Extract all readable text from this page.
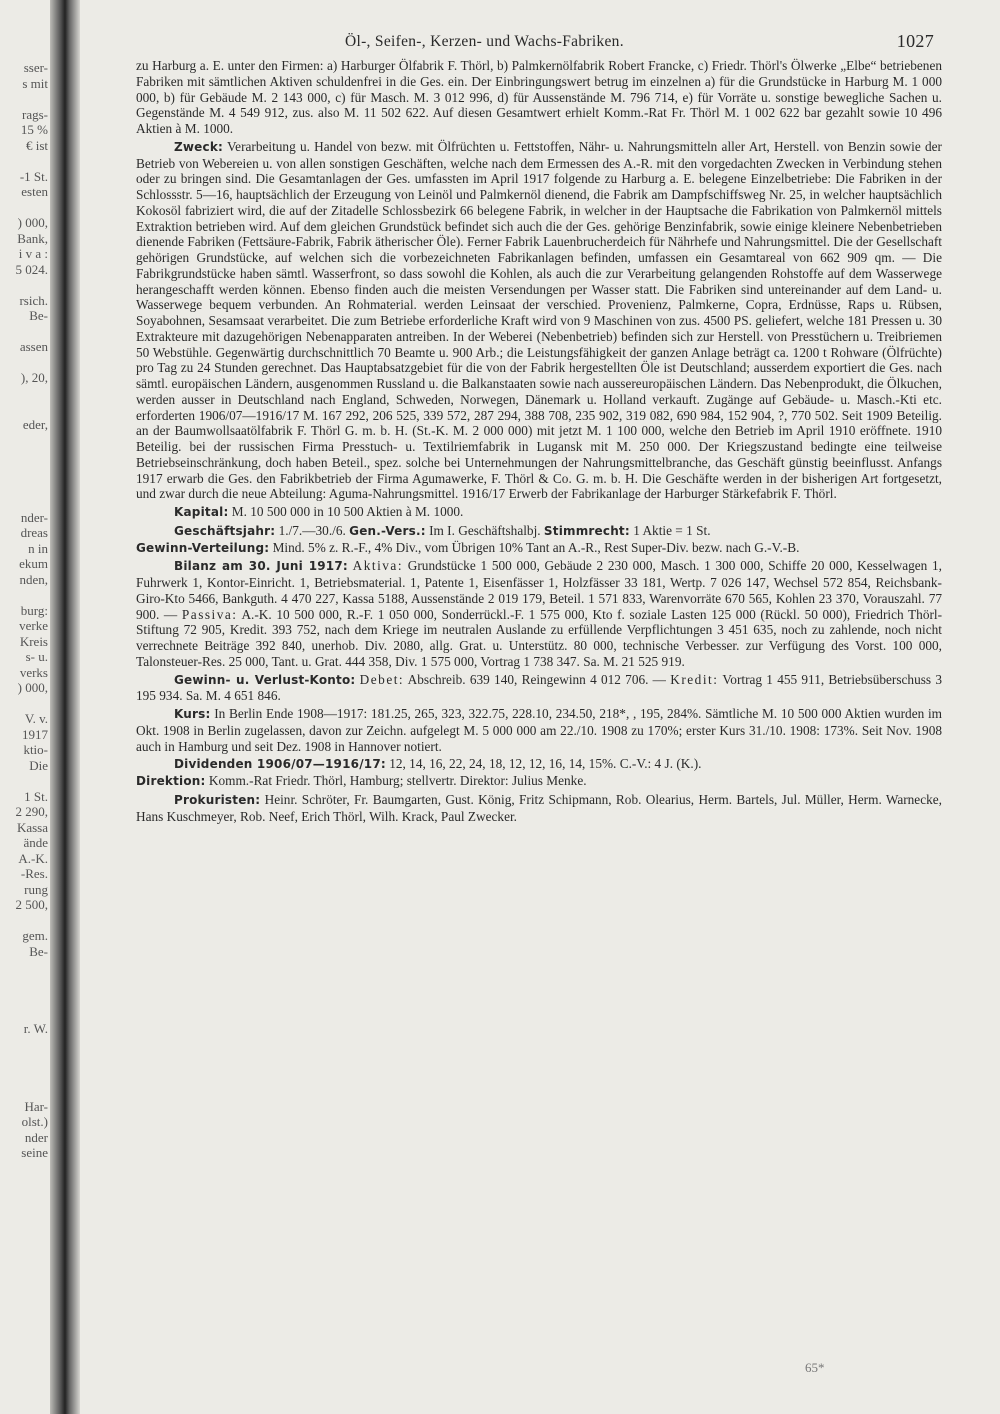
sser-
s mit

rags-
15 %
€ ist

-1 St.
esten

) 000,
Bank,
i v a :
5 024.

rsich.
Be-

assen

), 20,

eder,

nder-
dreas
n in
ekum
nden,

burg:
verke
Kreis
s- u.
verks
) 000,

V. v.
1917
ktio-
Die

1 St.
2 290,
Kassa
ände
A.-K.
-Res.
rung
2 500,

gem.
Be-

r. W.

Har-
olst.)
nder
seine
Öl-, Seifen-, Kerzen- und Wachs-Fabriken.	1027

zu Harburg a. E. unter den Firmen: a) Harburger Ölfabrik F. Thörl, b) Palmkernölfabrik Robert Francke, c) Friedr. Thörl's Ölwerke „Elbe“ betriebenen Fabriken mit sämtlichen Aktiven schuldenfrei in die Ges. ein. Der Einbringungswert betrug im einzelnen a) für die Grundstücke in Harburg M. 1 000 000, b) für Gebäude M. 2 143 000, c) für Masch. M. 3 012 996, d) für Aussenstände M. 796 714, e) für Vorräte u. sonstige bewegliche Sachen u. Gegenstände M. 4 549 912, zus. also M. 11 502 622. Auf diesen Gesamtwert erhielt Komm.-Rat Fr. Thörl M. 1 002 622 bar gezahlt sowie 10 496 Aktien à M. 1000.

Zweck: Verarbeitung u. Handel von bezw. mit Ölfrüchten u. Fettstoffen, Nähr- u. Nahrungsmitteln aller Art, Herstell. von Benzin sowie der Betrieb von Webereien u. von allen sonstigen Geschäften, welche nach dem Ermessen des A.-R. mit den vorgedachten Zwecken in Verbindung stehen oder zu bringen sind. Die Gesamtanlagen der Ges. umfassten im April 1917 folgende zu Harburg a. E. belegene Einzelbetriebe: Die Fabriken in der Schlossstr. 5—16, hauptsächlich der Erzeugung von Leinöl und Palmkernöl dienend, die Fabrik am Dampfschiffsweg Nr. 25, in welcher hauptsächlich Kokosöl fabriziert wird, die auf der Zitadelle Schlossbezirk 66 belegene Fabrik, in welcher in der Hauptsache die Fabrikation von Palmkernöl mittels Extraktion betrieben wird. Auf dem gleichen Grundstück befindet sich auch die der Ges. gehörige Benzinfabrik, sowie einige kleinere Nebenbetrieben dienende Fabriken (Fettsäure-Fabrik, Fabrik ätherischer Öle). Ferner Fabrik Lauenbrucherdeich für Nährhefe und Nahrungsmittel. Die der Gesellschaft gehörigen Grundstücke, auf welchen sich die vorbezeichneten Fabrikanlagen befinden, umfassen ein Gesamtareal von 662 909 qm. — Die Fabrikgrundstücke haben sämtl. Wasserfront, so dass sowohl die Kohlen, als auch die zur Verarbeitung gelangenden Rohstoffe auf dem Wasserwege herangeschafft werden können. Ebenso finden auch die meisten Versendungen per Wasser statt. Die Fabriken sind untereinander auf dem Land- u. Wasserwege bequem verbunden. An Rohmaterial. werden Leinsaat der verschied. Provenienz, Palmkerne, Copra, Erdnüsse, Raps u. Rübsen, Soyabohnen, Sesamsaat verarbeitet. Die zum Betriebe erforderliche Kraft wird von 9 Maschinen von zus. 4500 PS. geliefert, welche 181 Pressen u. 30 Extrakteure mit dazugehörigen Nebenapparaten antreiben. In der Weberei (Nebenbetrieb) befinden sich zur Herstell. von Presstüchern u. Treibriemen 50 Webstühle. Gegenwärtig durchschnittlich 70 Beamte u. 900 Arb.; die Leistungsfähigkeit der ganzen Anlage beträgt ca. 1200 t Rohware (Ölfrüchte) pro Tag zu 24 Stunden gerechnet. Das Hauptabsatzgebiet für die von der Fabrik hergestellten Öle ist Deutschland; ausserdem exportiert die Ges. nach sämtl. europäischen Ländern, ausgenommen Russland u. die Balkanstaaten sowie nach aussereuropäischen Ländern. Das Nebenprodukt, die Ölkuchen, werden ausser in Deutschland nach England, Schweden, Norwegen, Dänemark u. Holland verkauft. Zugänge auf Gebäude- u. Masch.-Kti etc. erforderten 1906/07—1916/17 M. 167 292, 206 525, 339 572, 287 294, 388 708, 235 902, 319 082, 690 984, 152 904, ?, 770 502. Seit 1909 Beteilig. an der Baumwollsaatölfabrik F. Thörl G. m. b. H. (St.-K. M. 2 000 000) mit jetzt M. 1 100 000, welche den Betrieb im April 1910 eröffnete. 1910 Beteilig. bei der russischen Firma Presstuch- u. Textilriemfabrik in Lugansk mit M. 250 000. Der Kriegszustand bedingte eine teilweise Betriebseinschränkung, doch haben Beteil., spez. solche bei Unternehmungen der Nahrungsmittelbranche, das Geschäft günstig beeinflusst. Anfangs 1917 erwarb die Ges. den Fabrikbetrieb der Firma Agumawerke, F. Thörl & Co. G. m. b. H. Die Geschäfte werden in der bisherigen Art fortgesetzt, und zwar durch die neue Abteilung: Aguma-Nahrungsmittel. 1916/17 Erwerb der Fabrikanlage der Harburger Stärkefabrik F. Thörl.

Kapital: M. 10 500 000 in 10 500 Aktien à M. 1000.

Geschäftsjahr: 1./7.—30./6. Gen.-Vers.: Im I. Geschäftshalbj. Stimmrecht: 1 Aktie = 1 St.
Gewinn-Verteilung: Mind. 5% z. R.-F., 4% Div., vom Übrigen 10% Tant an A.-R., Rest Super-Div. bezw. nach G.-V.-B.

Bilanz am 30. Juni 1917: Aktiva: Grundstücke 1 500 000, Gebäude 2 230 000, Masch. 1 300 000, Schiffe 20 000, Kesselwagen 1, Fuhrwerk 1, Kontor-Einricht. 1, Betriebsmaterial. 1, Patente 1, Eisenfässer 1, Holzfässer 33 181, Wertp. 7 026 147, Wechsel 572 854, Reichsbank-Giro-Kto 5466, Bankguth. 4 470 227, Kassa 5188, Aussenstände 2 019 179, Beteil. 1 571 833, Warenvorräte 670 565, Kohlen 23 370, Vorauszahl. 77 900. — Passiva: A.-K. 10 500 000, R.-F. 1 050 000, Sonderrückl.-F. 1 575 000, Kto f. soziale Lasten 125 000 (Rückl. 50 000), Friedrich Thörl-Stiftung 72 905, Kredit. 393 752, nach dem Kriege im neutralen Auslande zu erfüllende Verpflichtungen 3 451 635, noch zu zahlende, noch nicht verrechnete Beiträge 392 840, unerhob. Div. 2080, allg. Grat. u. Unterstütz. 80 000, technische Verbesser. zur Verfügung des Vorst. 100 000, Talonsteuer-Res. 25 000, Tant. u. Grat. 444 358, Div. 1 575 000, Vortrag 1 738 347. Sa. M. 21 525 919.

Gewinn- u. Verlust-Konto: Debet: Abschreib. 639 140, Reingewinn 4 012 706. — Kredit: Vortrag 1 455 911, Betriebsüberschuss 3 195 934. Sa. M. 4 651 846.

Kurs: In Berlin Ende 1908—1917: 181.25, 265, 323, 322.75, 228.10, 234.50, 218*, , 195, 284%. Sämtliche M. 10 500 000 Aktien wurden im Okt. 1908 in Berlin zugelassen, davon zur Zeichn. aufgelegt M. 5 000 000 am 22./10. 1908 zu 170%; erster Kurs 31./10. 1908: 173%. Seit Nov. 1908 auch in Hamburg und seit Dez. 1908 in Hannover notiert.

Dividenden 1906/07—1916/17: 12, 14, 16, 22, 24, 18, 12, 12, 16, 14, 15%. C.-V.: 4 J. (K.).
Direktion: Komm.-Rat Friedr. Thörl, Hamburg; stellvertr. Direktor: Julius Menke.

Prokuristen: Heinr. Schröter, Fr. Baumgarten, Gust. König, Fritz Schipmann, Rob. Olearius, Herm. Bartels, Jul. Müller, Herm. Warnecke, Hans Kuschmeyer, Rob. Neef, Erich Thörl, Wilh. Krack, Paul Zwecker.

65*
